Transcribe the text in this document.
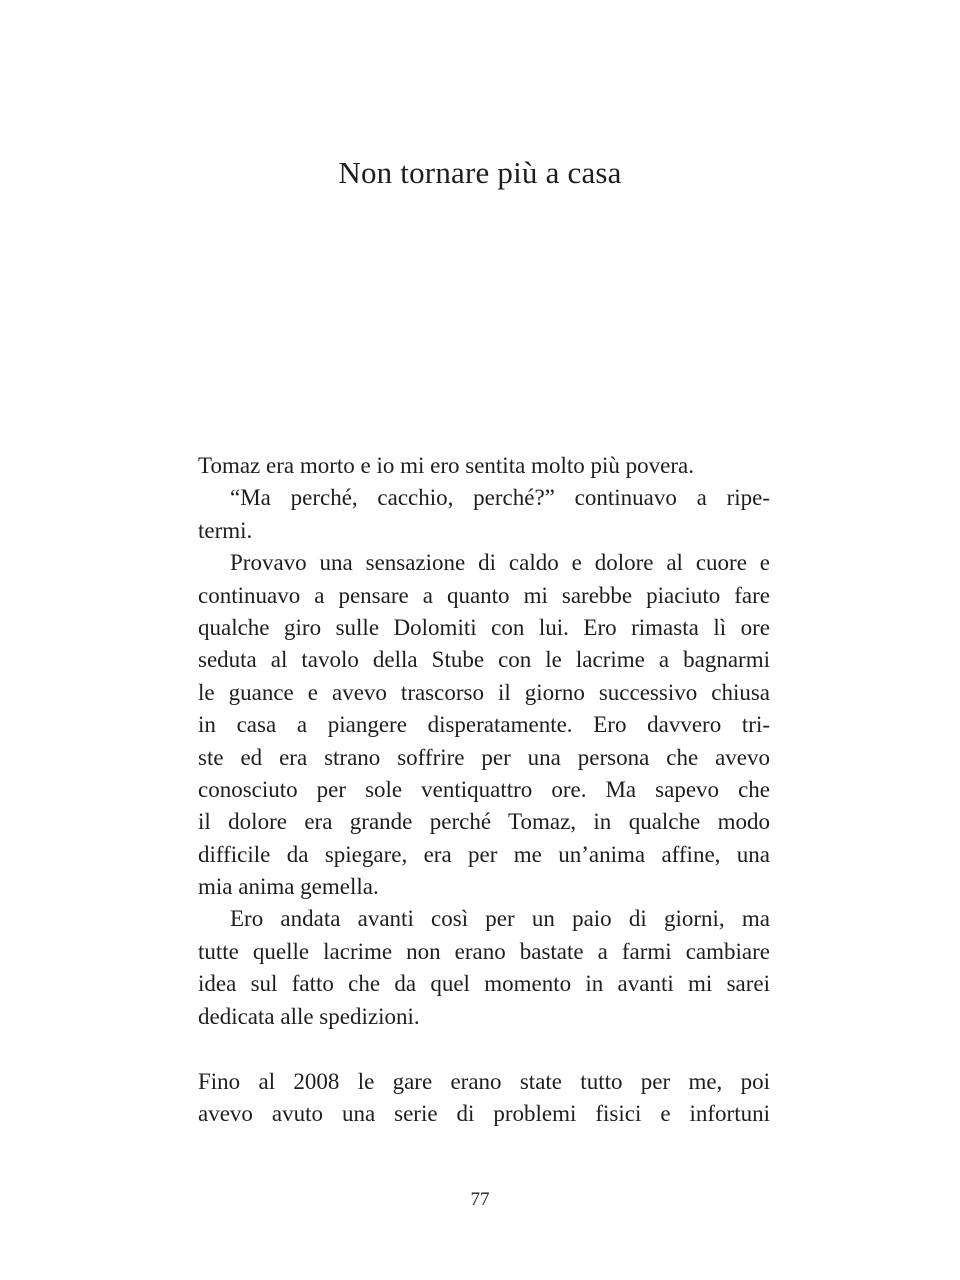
Non tornare più a casa
Tomaz era morto e io mi ero sentita molto più povera.
“Ma perché, cacchio, perché?” continuavo a ripe-
termi.
Provavo una sensazione di caldo e dolore al cuore e
continuavo a pensare a quanto mi sarebbe piaciuto fare
qualche giro sulle Dolomiti con lui. Ero rimasta lì ore
seduta al tavolo della Stube con le lacrime a bagnarmi
le guance e avevo trascorso il giorno successivo chiusa
in casa a piangere disperatamente. Ero davvero tri-
ste ed era strano soffrire per una persona che avevo
conosciuto per sole ventiquattro ore. Ma sapevo che
il dolore era grande perché Tomaz, in qualche modo
difficile da spiegare, era per me un’anima affine, una
mia anima gemella.
Ero andata avanti così per un paio di giorni, ma
tutte quelle lacrime non erano bastate a farmi cambiare
idea sul fatto che da quel momento in avanti mi sarei
dedicata alle spedizioni.
Fino al 2008 le gare erano state tutto per me, poi
avevo avuto una serie di problemi fisici e infortuni
77
